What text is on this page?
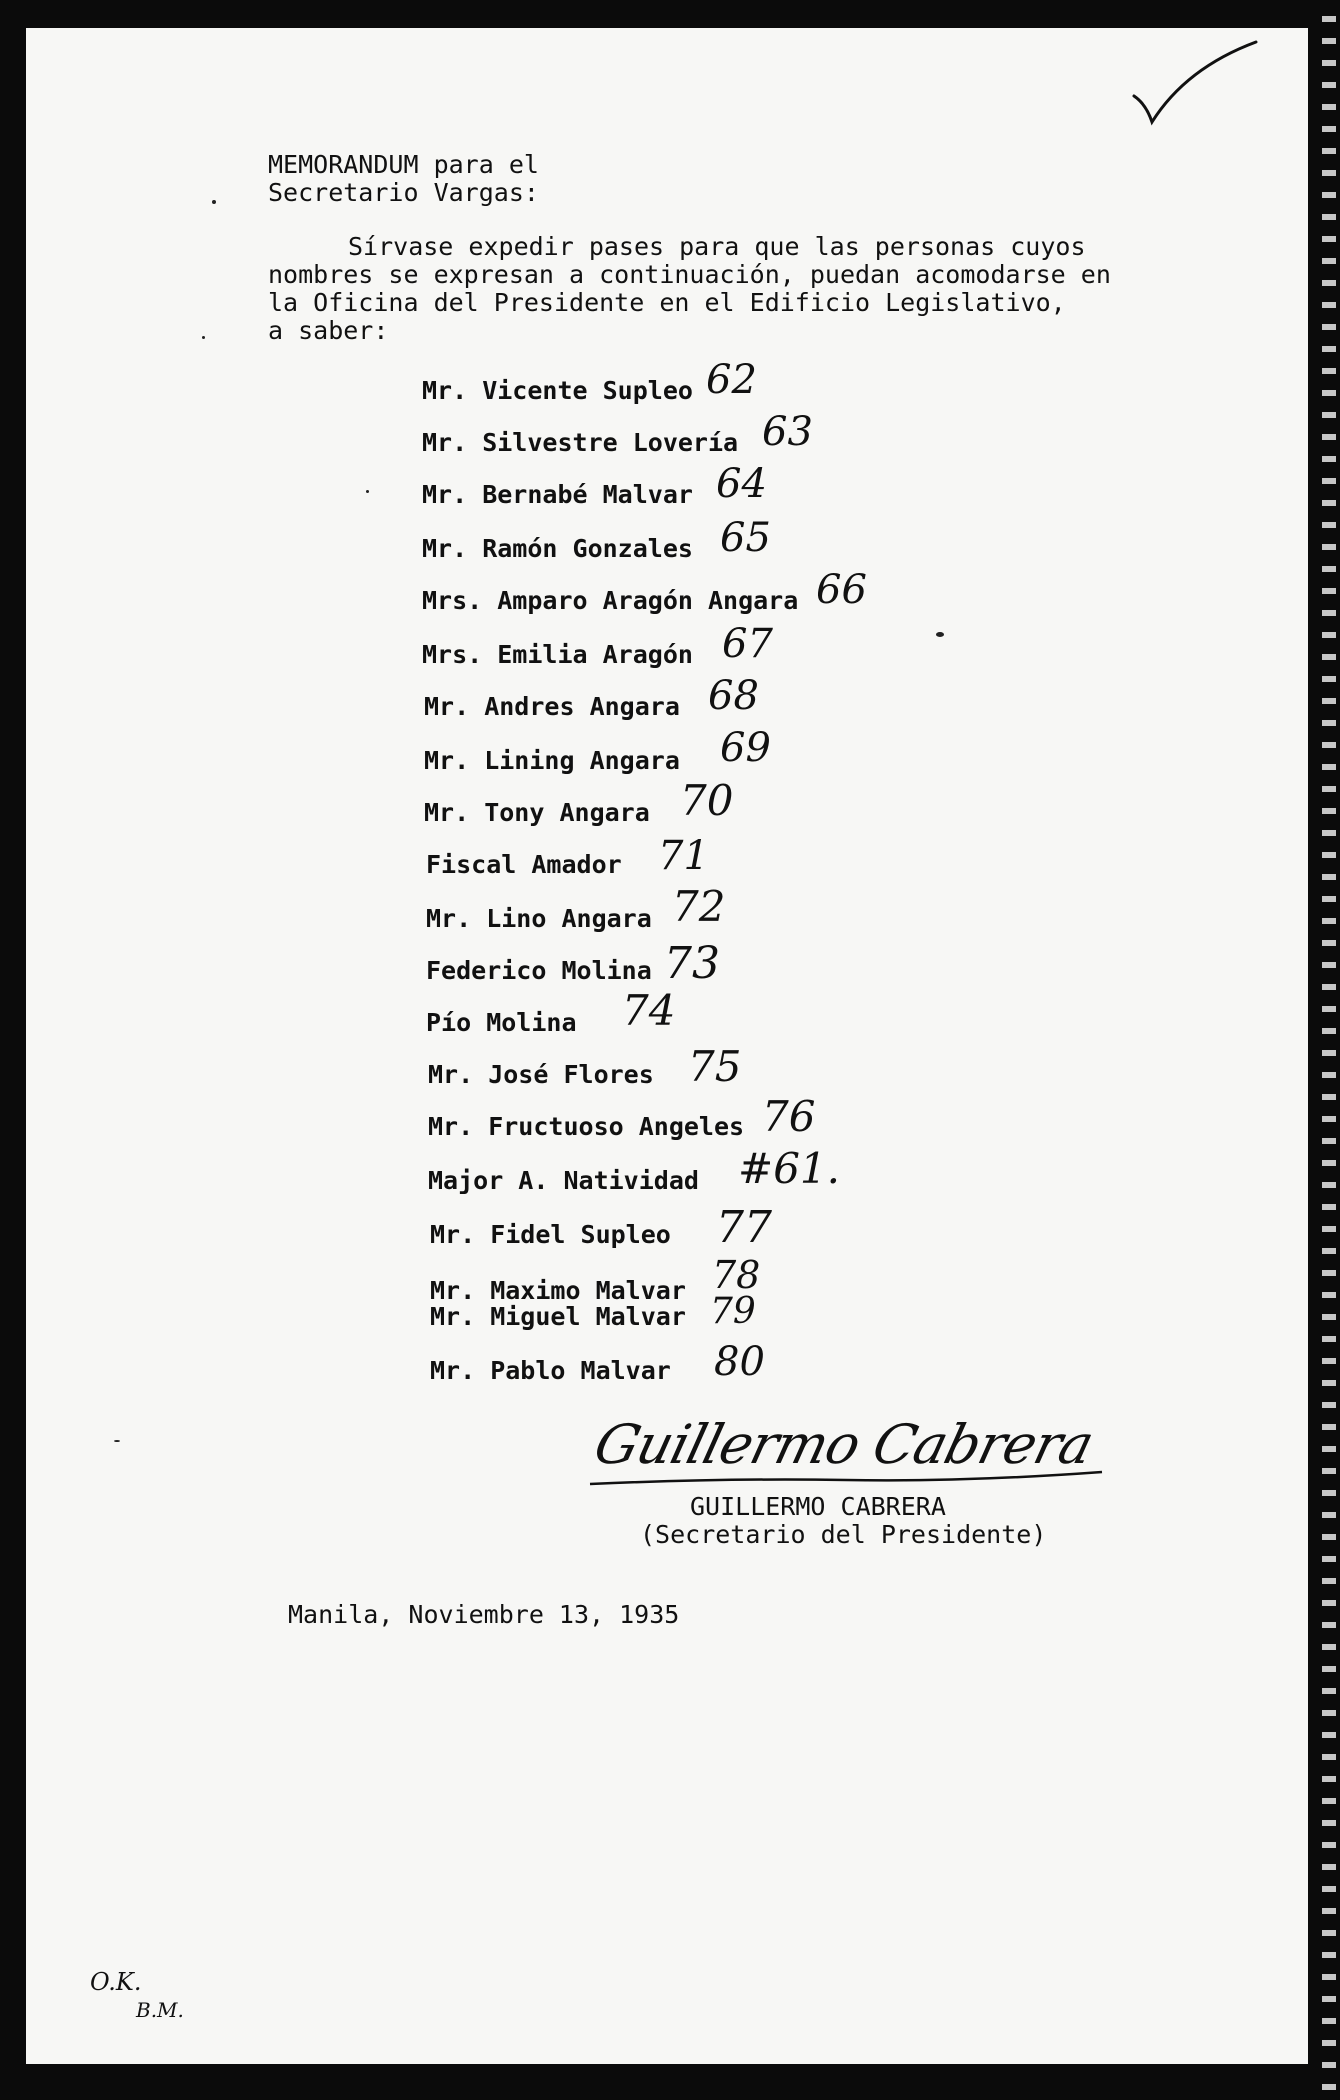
MEMORANDUM para el
Secretario Vargas:
Sírvase expedir pases para que las personas cuyos
nombres se expresan a continuación, puedan acomodarse en
la Oficina del Presidente en el Edificio Legislativo,
a saber:
Mr. Vicente Supleo 62
Mr. Silvestre Lovería 63
Mr. Bernabé Malvar 64
Mr. Ramón Gonzales 65
Mrs. Amparo Aragón Angara 66
Mrs. Emilia Aragón 67
Mr. Andres Angara 68
Mr. Lining Angara 69
Mr. Tony Angara 70
Fiscal Amador 71
Mr. Lino Angara 72
Federico Molina 73
Pío Molina 74
Mr. José Flores 75
Mr. Fructuoso Angeles 76
Major A. Natividad #61.
Mr. Fidel Supleo 77
Mr. Maximo Malvar 78
Mr. Miguel Malvar 79
Mr. Pablo Malvar 80
Guillermo Cabrera
GUILLERMO CABRERA
(Secretario del Presidente)
Manila, Noviembre 13, 1935
O.K.
B.M.
